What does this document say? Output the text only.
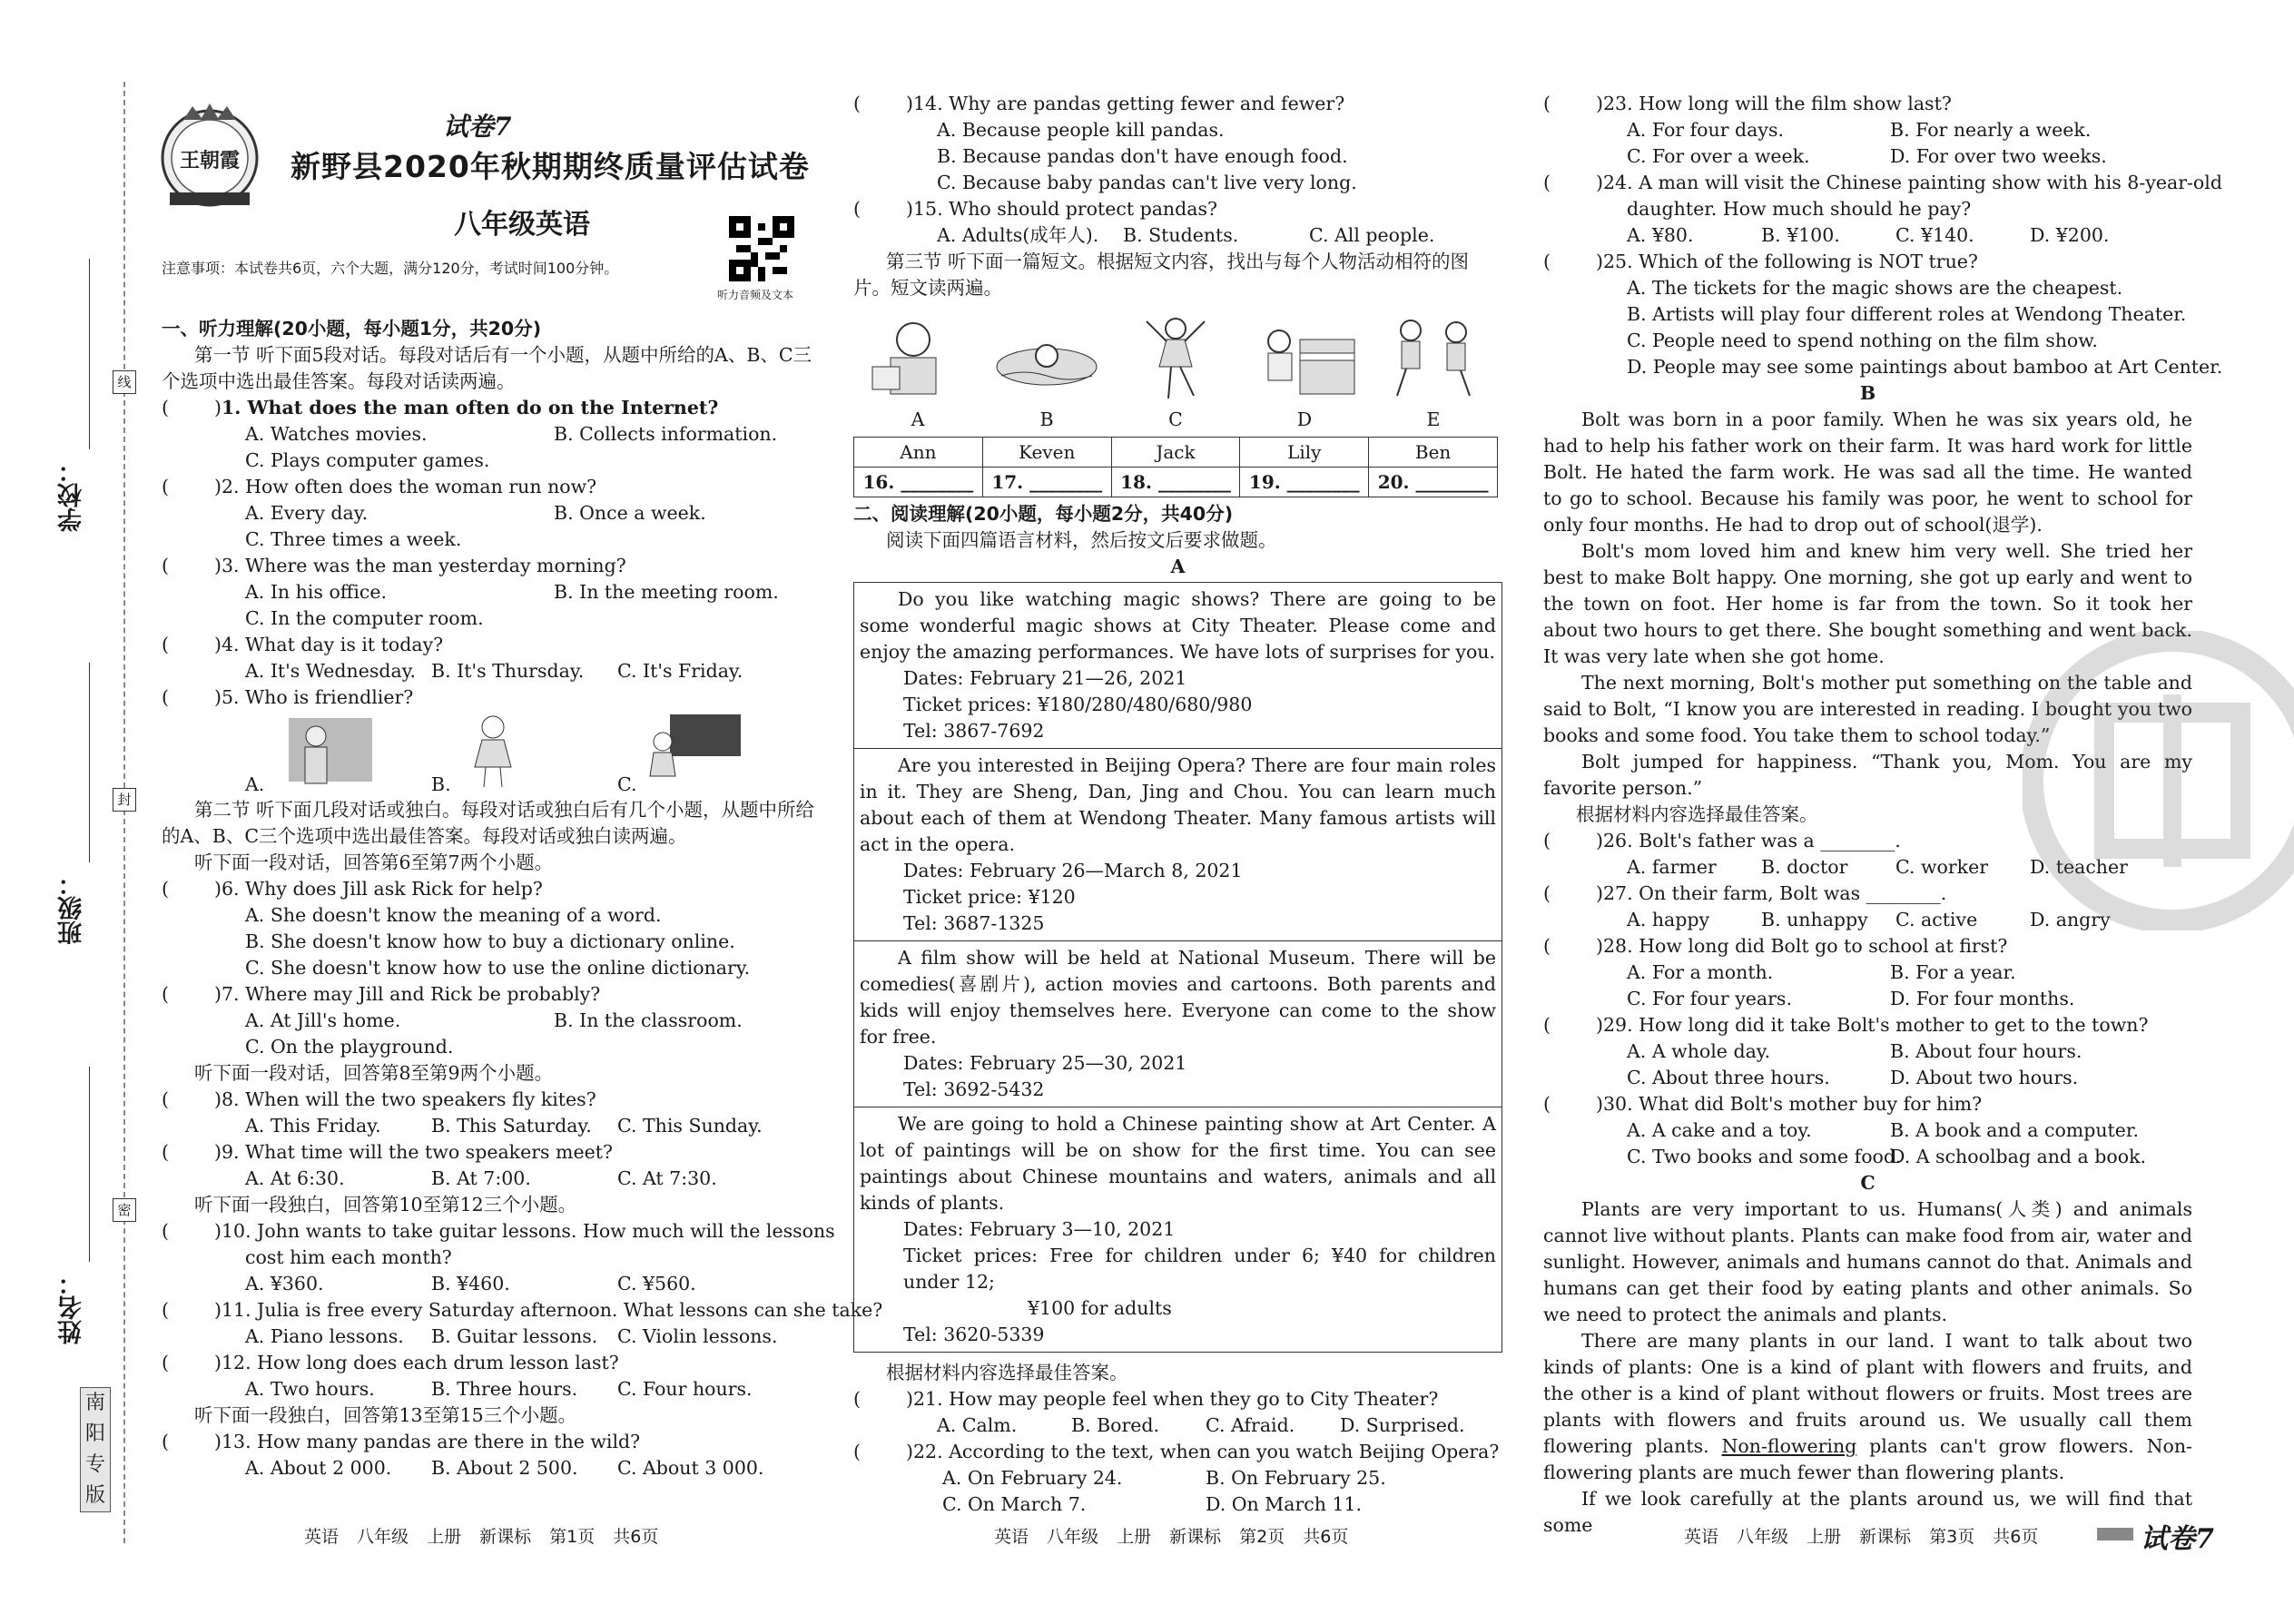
线
封
密
学校：
班级：
姓名：
南阳专版
王朝霞
试卷7
新野县2020年秋期期终质量评估试卷
八年级英语
注意事项：本试卷共6页，六个大题，满分120分，考试时间100分钟。
听力音频及文本
一、听力理解(20小题，每小题1分，共20分)
第一节 听下面5段对话。每段对话后有一个小题，从题中所给的A、B、C三个选项中选出最佳答案。每段对话读两遍。
( )1. What does the man often do on the Internet?
A. Watches movies.	B. Collects information.
C. Plays computer games.
( )2. How often does the woman run now?
A. Every day.	B. Once a week.
C. Three times a week.
( )3. Where was the man yesterday morning?
A. In his office.	B. In the meeting room.
C. In the computer room.
( )4. What day is it today?
A. It's Wednesday. B. It's Thursday.	C. It's Friday.
( )5. Who is friendlier?
A.	B.	C.
第二节 听下面几段对话或独白。每段对话或独白后有几个小题，从题中所给的A、B、C三个选项中选出最佳答案。每段对话或独白读两遍。
听下面一段对话，回答第6至第7两个小题。
( )6. Why does Jill ask Rick for help?
A. She doesn't know the meaning of a word.
B. She doesn't know how to buy a dictionary online.
C. She doesn't know how to use the online dictionary.
( )7. Where may Jill and Rick be probably?
A. At Jill's home.	B. In the classroom.
C. On the playground.
听下面一段对话，回答第8至第9两个小题。
( )8. When will the two speakers fly kites?
A. This Friday.	B. This Saturday.	C. This Sunday.
( )9. What time will the two speakers meet?
A. At 6:30.	B. At 7:00.	C. At 7:30.
听下面一段独白，回答第10至第12三个小题。
( )10. John wants to take guitar lessons. How much will the lessons
cost him each month?
A. ¥360.	B. ¥460.	C. ¥560.
( )11. Julia is free every Saturday afternoon. What lessons can she take?
A. Piano lessons.	B. Guitar lessons.	C. Violin lessons.
( )12. How long does each drum lesson last?
A. Two hours.	B. Three hours.	C. Four hours.
听下面一段独白，回答第13至第15三个小题。
( )13. How many pandas are there in the wild?
A. About 2 000.	B. About 2 500.	C. About 3 000.
( )14. Why are pandas getting fewer and fewer?
A. Because people kill pandas.
B. Because pandas don't have enough food.
C. Because baby pandas can't live very long.
( )15. Who should protect pandas?
A. Adults(成年人).	B. Students.	C. All people.
第三节 听下面一篇短文。根据短文内容，找出与每个人物活动相符的图片。短文读两遍。
A	B	C	D	E
Ann	Keven	Jack	Lily	Ben
16. ________	17. ________	18. ________	19. ________	20. ________
二、阅读理解(20小题，每小题2分，共40分)
阅读下面四篇语言材料，然后按文后要求做题。
A

Do you like watching magic shows? There are going to be some wonderful magic shows at City Theater. Please come and enjoy the amazing performances. We have lots of surprises for you.

Dates: February 21—26, 2021

Ticket prices: ¥180/280/480/680/980

Tel: 3867-7692

Are you interested in Beijing Opera? There are four main roles in it. They are Sheng, Dan, Jing and Chou. You can learn much about each of them at Wendong Theater. Many famous artists will act in the opera.

Dates: February 26—March 8, 2021

Ticket price: ¥120

Tel: 3687-1325

A film show will be held at National Museum. There will be comedies(喜剧片), action movies and cartoons. Both parents and kids will enjoy themselves here. Everyone can come to the show for free.

Dates: February 25—30, 2021

Tel: 3692-5432

We are going to hold a Chinese painting show at Art Center. A lot of paintings will be on show for the first time. You can see paintings about Chinese mountains and waters, animals and all kinds of plants.

Dates: February 3—10, 2021

Ticket prices: Free for children under 6; ¥40 for children under 12;

¥100 for adults

Tel: 3620-5339

根据材料内容选择最佳答案。
( )21. How may people feel when they go to City Theater?
A. Calm.	B. Bored.	C. Afraid.	D. Surprised.
( )22. According to the text, when can you watch Beijing Opera?
A. On February 24.	B. On February 25.
C. On March 7.	D. On March 11.
( )23. How long will the film show last?
A. For four days.	B. For nearly a week.
C. For over a week.	D. For over two weeks.
( )24. A man will visit the Chinese painting show with his 8-year-old
daughter. How much should he pay?
A. ¥80.	B. ¥100.	C. ¥140.	D. ¥200.
( )25. Which of the following is NOT true?
A. The tickets for the magic shows are the cheapest.
B. Artists will play four different roles at Wendong Theater.
C. People need to spend nothing on the film show.
D. People may see some paintings about bamboo at Art Center.
B
Bolt was born in a poor family. When he was six years old, he had to help his father work on their farm. It was hard work for little Bolt. He hated the farm work. He was sad all the time. He wanted to go to school. Because his family was poor, he went to school for only four months. He had to drop out of school(退学).
Bolt's mom loved him and knew him very well. She tried her best to make Bolt happy. One morning, she got up early and went to the town on foot. Her home is far from the town. So it took her about two hours to get there. She bought something and went back. It was very late when she got home.
The next morning, Bolt's mother put something on the table and said to Bolt, “I know you are interested in reading. I bought you two books and some food. You take them to school today.”
Bolt jumped for happiness. “Thank you, Mom. You are my favorite person.”
根据材料内容选择最佳答案。
( )26. Bolt's father was a ________.
A. farmer	B. doctor	C. worker	D. teacher
( )27. On their farm, Bolt was ________.
A. happy	B. unhappy	C. active	D. angry
( )28. How long did Bolt go to school at first?
A. For a month.	B. For a year.
C. For four years.	D. For four months.
( )29. How long did it take Bolt's mother to get to the town?
A. A whole day.	B. About four hours.
C. About three hours.	D. About two hours.
( )30. What did Bolt's mother buy for him?
A. A cake and a toy.	B. A book and a computer.
C. Two books and some food.
D. A schoolbag and a book.
C
Plants are very important to us. Humans(人类) and animals cannot live without plants. Plants can make food from air, water and sunlight. However, animals and humans cannot do that. Animals and humans can get their food by eating plants and other animals. So we need to protect the animals and plants.
There are many plants in our land. I want to talk about two kinds of plants: One is a kind of plant with flowers and fruits, and the other is a kind of plant without flowers or fruits. Most trees are plants with flowers and fruits around us. We usually call them flowering plants. Non-flowering plants can't grow flowers. Non-flowering plants are much fewer than flowering plants.
If we look carefully at the plants around us, we will find that some
英语 八年级 上册 新课标 第1页 共6页	英语 八年级 上册 新课标 第2页 共6页	英语 八年级 上册 新课标 第3页 共6页	试卷7
